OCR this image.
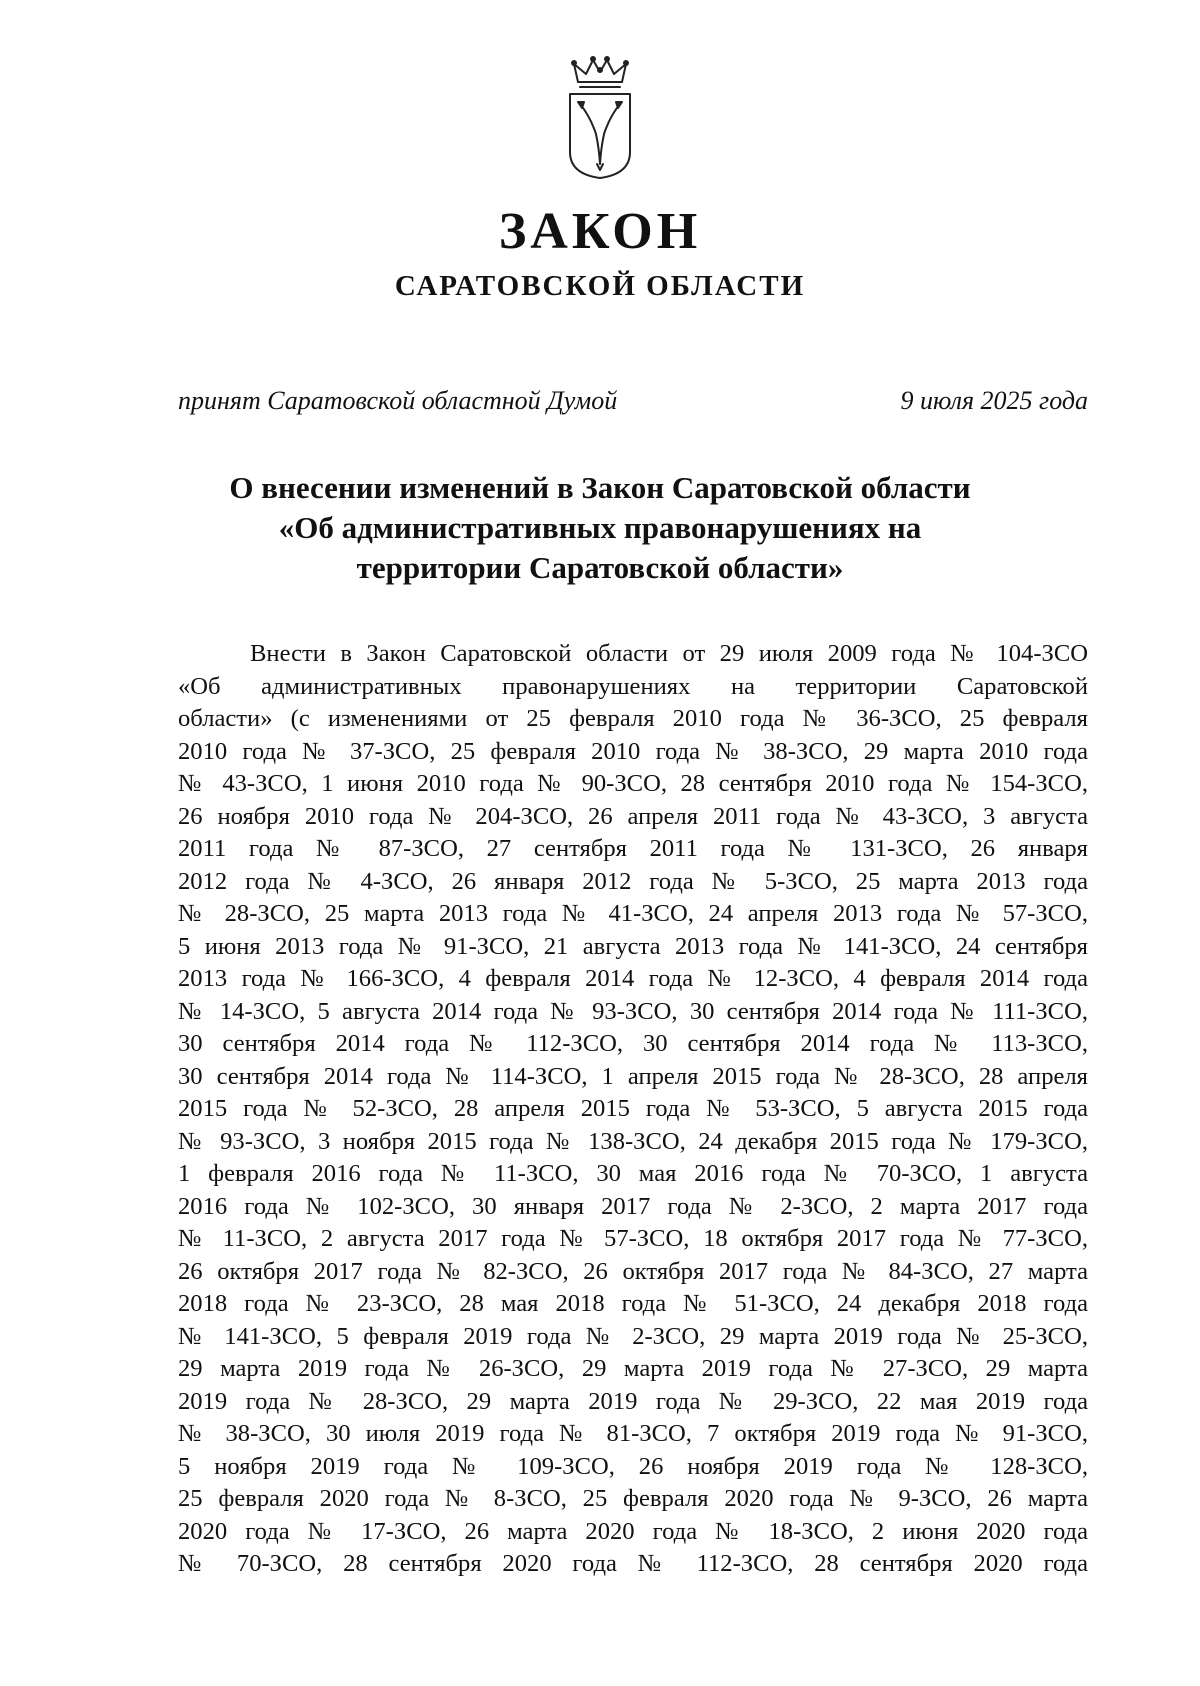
ЗАКОН
САРАТОВСКОЙ ОБЛАСТИ
принят Саратовской областной Думой	9 июля 2025 года
О внесении изменений в Закон Саратовской области
«Об административных правонарушениях на
территории Саратовской области»
Внести в Закон Саратовской области от 29 июля 2009 года № 104-ЗСО
«Об административных правонарушениях на территории Саратовской
области» (с изменениями от 25 февраля 2010 года № 36-ЗСО, 25 февраля
2010 года № 37-ЗСО, 25 февраля 2010 года № 38-ЗСО, 29 марта 2010 года
№ 43-ЗСО, 1 июня 2010 года № 90-ЗСО, 28 сентября 2010 года № 154-ЗСО,
26 ноября 2010 года № 204-ЗСО, 26 апреля 2011 года № 43-ЗСО, 3 августа
2011 года № 87-ЗСО, 27 сентября 2011 года № 131-ЗСО, 26 января
2012 года № 4-ЗСО, 26 января 2012 года № 5-ЗСО, 25 марта 2013 года
№ 28-ЗСО, 25 марта 2013 года № 41-ЗСО, 24 апреля 2013 года № 57-ЗСО,
5 июня 2013 года № 91-ЗСО, 21 августа 2013 года № 141-ЗСО, 24 сентября
2013 года № 166-ЗСО, 4 февраля 2014 года № 12-ЗСО, 4 февраля 2014 года
№ 14-ЗСО, 5 августа 2014 года № 93-ЗСО, 30 сентября 2014 года № 111-ЗСО,
30 сентября 2014 года № 112-ЗСО, 30 сентября 2014 года № 113-ЗСО,
30 сентября 2014 года № 114-ЗСО, 1 апреля 2015 года № 28-ЗСО, 28 апреля
2015 года № 52-ЗСО, 28 апреля 2015 года № 53-ЗСО, 5 августа 2015 года
№ 93-ЗСО, 3 ноября 2015 года № 138-ЗСО, 24 декабря 2015 года № 179-ЗСО,
1 февраля 2016 года № 11-ЗСО, 30 мая 2016 года № 70-ЗСО, 1 августа
2016 года № 102-ЗСО, 30 января 2017 года № 2-ЗСО, 2 марта 2017 года
№ 11-ЗСО, 2 августа 2017 года № 57-ЗСО, 18 октября 2017 года № 77-ЗСО,
26 октября 2017 года № 82-ЗСО, 26 октября 2017 года № 84-ЗСО, 27 марта
2018 года № 23-ЗСО, 28 мая 2018 года № 51-ЗСО, 24 декабря 2018 года
№ 141-ЗСО, 5 февраля 2019 года № 2-ЗСО, 29 марта 2019 года № 25-ЗСО,
29 марта 2019 года № 26-ЗСО, 29 марта 2019 года № 27-ЗСО, 29 марта
2019 года № 28-ЗСО, 29 марта 2019 года № 29-ЗСО, 22 мая 2019 года
№ 38-ЗСО, 30 июля 2019 года № 81-ЗСО, 7 октября 2019 года № 91-ЗСО,
5 ноября 2019 года № 109-ЗСО, 26 ноября 2019 года № 128-ЗСО,
25 февраля 2020 года № 8-ЗСО, 25 февраля 2020 года № 9-ЗСО, 26 марта
2020 года № 17-ЗСО, 26 марта 2020 года № 18-ЗСО, 2 июня 2020 года
№ 70-ЗСО, 28 сентября 2020 года № 112-ЗСО, 28 сентября 2020 года
